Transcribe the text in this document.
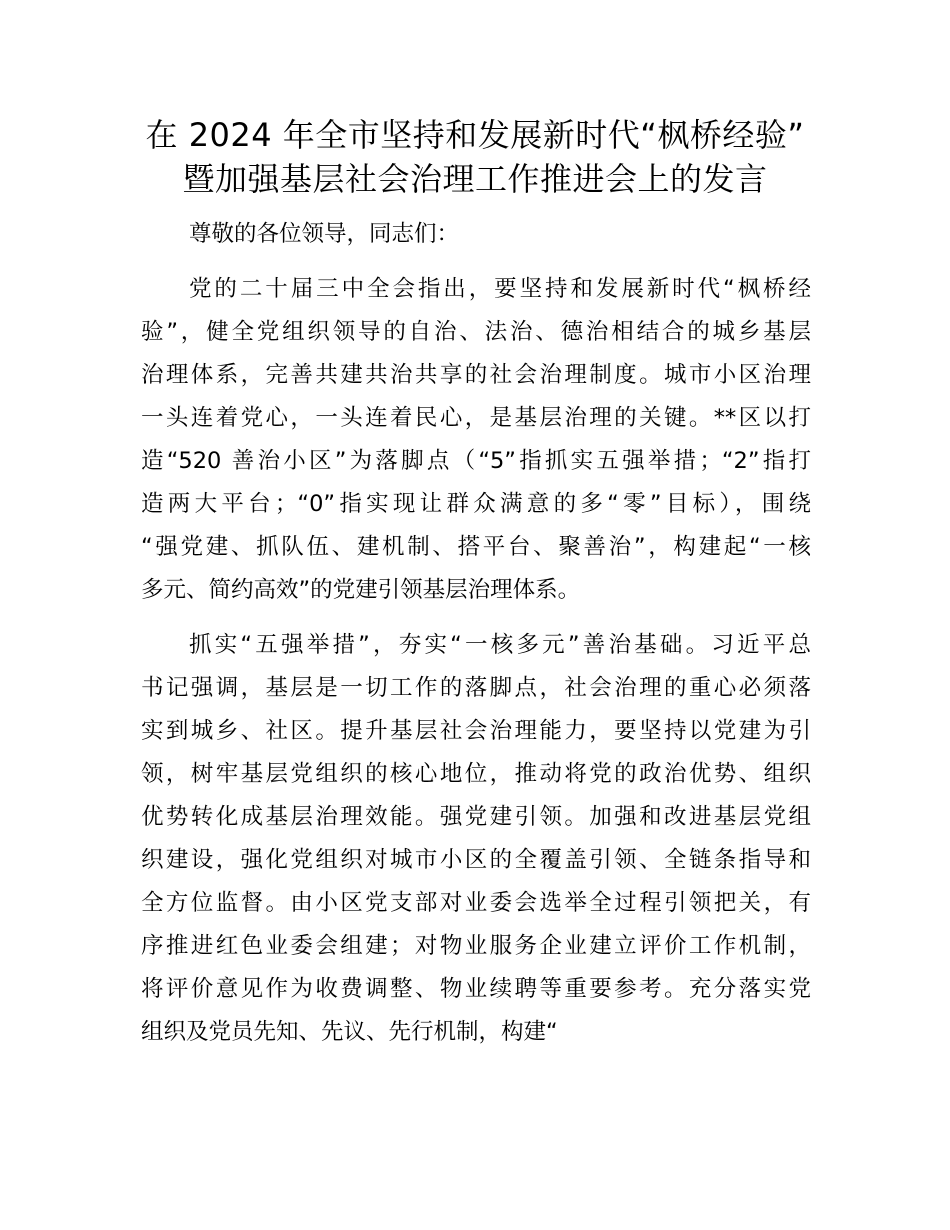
在 2024 年全市坚持和发展新时代“枫桥经验”
暨加强基层社会治理工作推进会上的发言

尊敬的各位领导，同志们：

党的二十届三中全会指出，要坚持和发展新时代“枫桥经

验”，健全党组织领导的自治、法治、德治相结合的城乡基层

治理体系，完善共建共治共享的社会治理制度。城市小区治理

一头连着党心，一头连着民心，是基层治理的关键。**区以打

造“520 善治小区”为落脚点（“5”指抓实五强举措；“2”指打

造两大平台；“0”指实现让群众满意的多“零”目标），围绕

“强党建、抓队伍、建机制、搭平台、聚善治”，构建起“一核

多元、简约高效”的党建引领基层治理体系。

抓实“五强举措”，夯实“一核多元”善治基础。习近平总

书记强调，基层是一切工作的落脚点，社会治理的重心必须落

实到城乡、社区。提升基层社会治理能力，要坚持以党建为引

领，树牢基层党组织的核心地位，推动将党的政治优势、组织

优势转化成基层治理效能。强党建引领。加强和改进基层党组

织建设，强化党组织对城市小区的全覆盖引领、全链条指导和

全方位监督。由小区党支部对业委会选举全过程引领把关，有

序推进红色业委会组建；对物业服务企业建立评价工作机制，

将评价意见作为收费调整、物业续聘等重要参考。充分落实党

组织及党员先知、先议、先行机制，构建“
